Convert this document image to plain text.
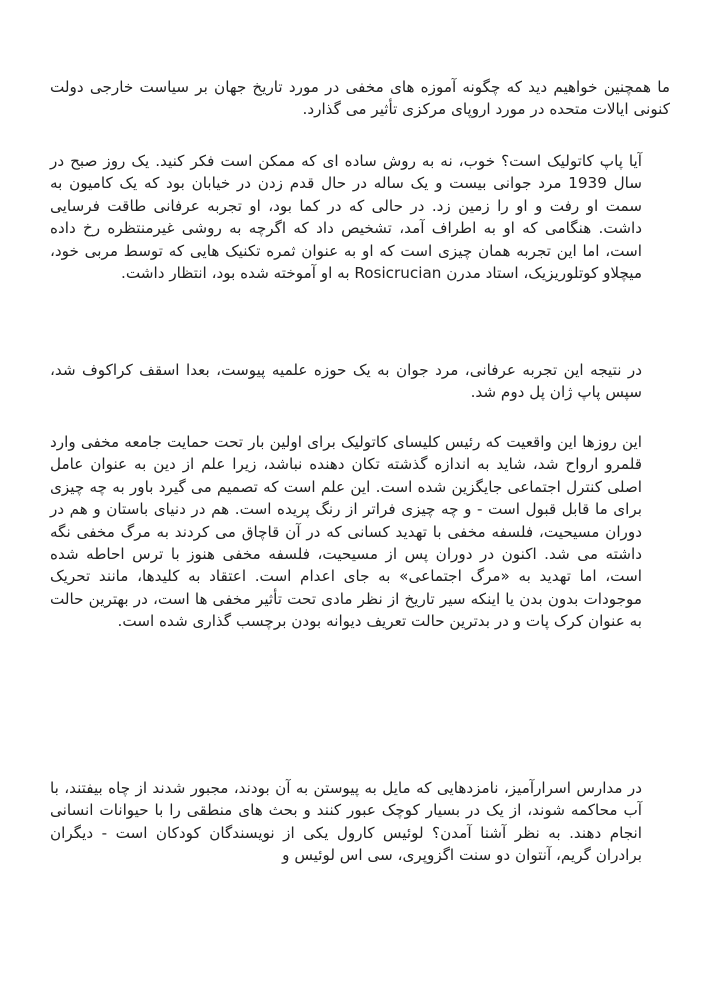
ما همچنین خواهیم دید که چگونه آموزه های مخفی در مورد تاریخ جهان بر سیاست خارجی دولت کنونی ایالات متحده در مورد اروپای مرکزی تأثیر می گذارد.

آیا پاپ کاتولیک است؟ خوب، نه به روش ساده ای که ممکن است فکر کنید. یک روز صبح در سال 1939 مرد جوانی بیست و یک ساله در حال قدم زدن در خیابان بود که یک کامیون به سمت او رفت و او را زمین زد. در حالی که در کما بود، او تجربه عرفانی طاقت فرسایی داشت. هنگامی که او به اطراف آمد، تشخیص داد که اگرچه به روشی غیرمنتظره رخ داده است، اما این تجربه همان چیزی است که او به عنوان ثمره تکنیک هایی که توسط مربی خود، میچلاو کوتلوریزیک، استاد مدرن Rosicrucian به او آموخته شده بود، انتظار داشت.

در نتیجه این تجربه عرفانی، مرد جوان به یک حوزه علمیه پیوست، بعدا اسقف کراکوف شد، سپس پاپ ژان پل دوم شد.

این روزها این واقعیت که رئیس کلیسای کاتولیک برای اولین بار تحت حمایت جامعه مخفی وارد قلمرو ارواح شد، شاید به اندازه گذشته تکان دهنده نباشد، زیرا علم از دین به عنوان عامل اصلی کنترل اجتماعی جایگزین شده است. این علم است که تصمیم می گیرد باور به چه چیزی برای ما قابل قبول است - و چه چیزی فراتر از رنگ پریده است. هم در دنیای باستان و هم در دوران مسیحیت، فلسفه مخفی با تهدید کسانی که در آن قاچاق می کردند به مرگ مخفی نگه داشته می شد. اکنون در دوران پس از مسیحیت، فلسفه مخفی هنوز با ترس احاطه شده است، اما تهدید به «مرگ اجتماعی» به جای اعدام است. اعتقاد به کلیدها، مانند تحریک موجودات بدون بدن یا اینکه سیر تاریخ از نظر مادی تحت تأثیر مخفی ها است، در بهترین حالت به عنوان کرک پات و در بدترین حالت تعریف دیوانه بودن برچسب گذاری شده است.

در مدارس اسرارآمیز، نامزدهایی که مایل به پیوستن به آن بودند، مجبور شدند از چاه بیفتند، با آب محاکمه شوند، از یک در بسیار کوچک عبور کنند و بحث های منطقی را با حیوانات انسانی انجام دهند. به نظر آشنا آمدن؟ لوئیس کارول یکی از نویسندگان کودکان است - دیگران برادران گریم، آنتوان دو سنت اگزوپری، سی اس لوئیس و
